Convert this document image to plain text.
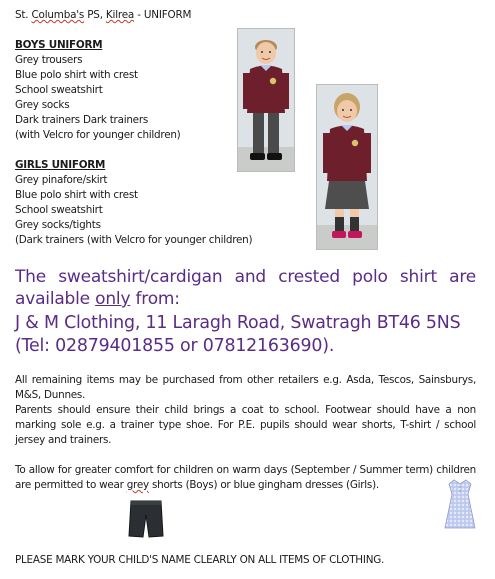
St. Columba's PS, Kilrea - UNIFORM
BOYS UNIFORM
Grey trousers
Blue polo shirt with crest
School sweatshirt
Grey socks
Dark trainers Dark trainers
(with Velcro for younger children)
GIRLS UNIFORM
Grey pinafore/skirt
Blue polo shirt with crest
School sweatshirt
Grey socks/tights
(Dark trainers (with Velcro for younger children)
The sweatshirt/cardigan and crested polo shirt are available only from:
J & M Clothing, 11 Laragh Road, Swatragh BT46 5NS
(Tel: 02879401855 or 07812163690).
All remaining items may be purchased from other retailers e.g. Asda, Tescos, Sainsburys, M&S, Dunnes.
Parents should ensure their child brings a coat to school. Footwear should have a non marking sole e.g. a trainer type shoe. For P.E. pupils should wear shorts, T-shirt / school jersey and trainers.
To allow for greater comfort for children on warm days (September / Summer term) children are permitted to wear grey shorts (Boys) or blue gingham dresses (Girls).
PLEASE MARK YOUR CHILD'S NAME CLEARLY ON ALL ITEMS OF CLOTHING.
